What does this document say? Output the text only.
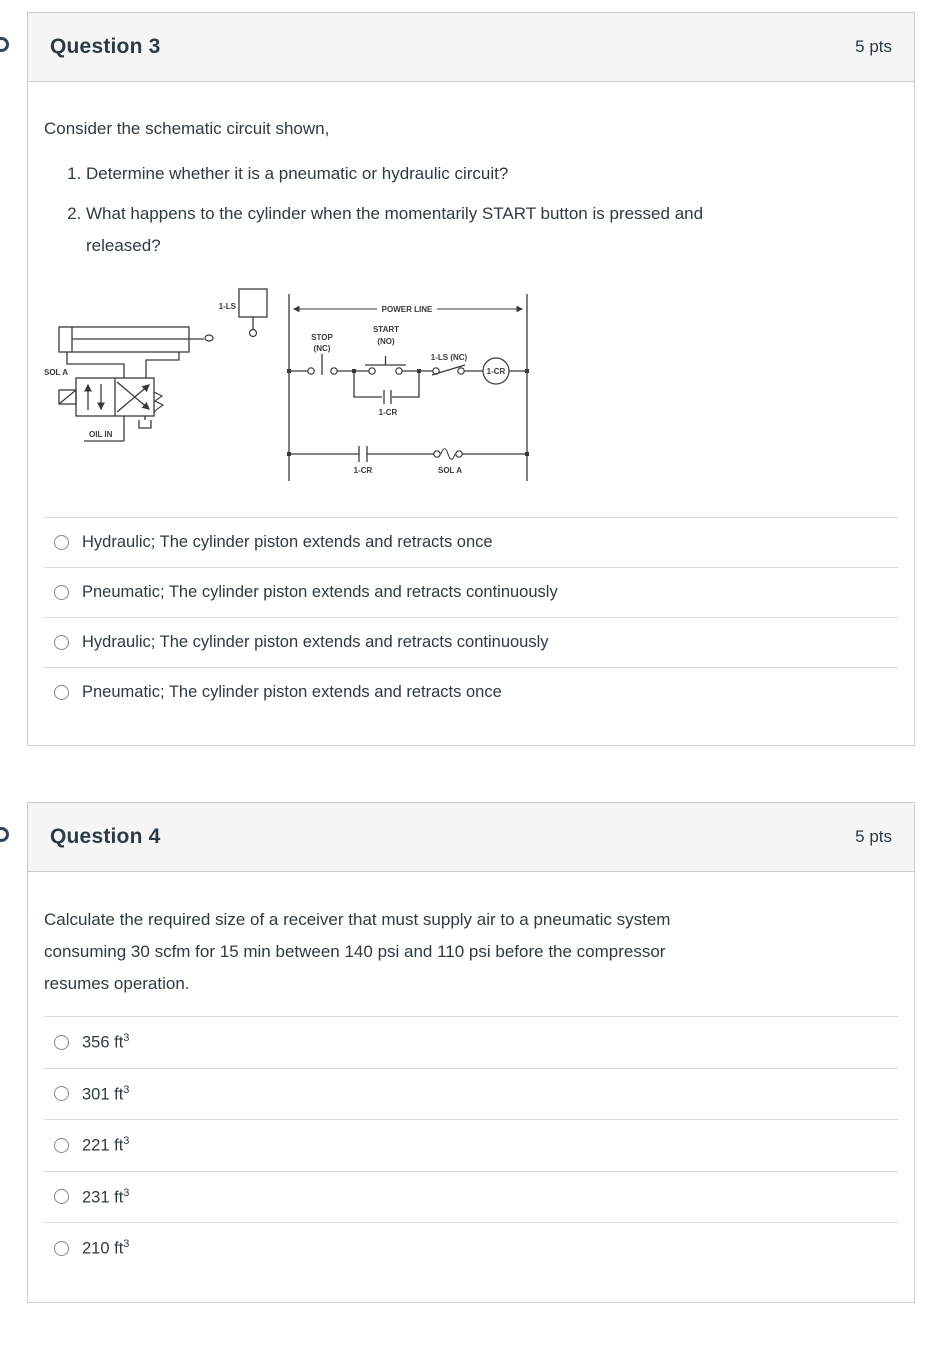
Question 3	5 pts

Consider the schematic circuit shown,

1. Determine whether it is a pneumatic or hydraulic circuit?
2. What happens to the cylinder when the momentarily START button is pressed and
released?
1-LS
SOL A
OIL IN
POWER LINE
STOP
(NC)
START
(NO)
1-LS (NC)
1-CR
1-CR
1-CR	SOL A
Hydraulic; The cylinder piston extends and retracts once
Pneumatic; The cylinder piston extends and retracts continuously
Hydraulic; The cylinder piston extends and retracts continuously
Pneumatic; The cylinder piston extends and retracts once
Question 4	5 pts
Calculate the required size of a receiver that must supply air to a pneumatic system
consuming 30 scfm for 15 min between 140 psi and 110 psi before the compressor
resumes operation.
356 $ft^3$
301 $ft^3$
221 $ft^3$
231 $ft^3$
210 $ft^3$
